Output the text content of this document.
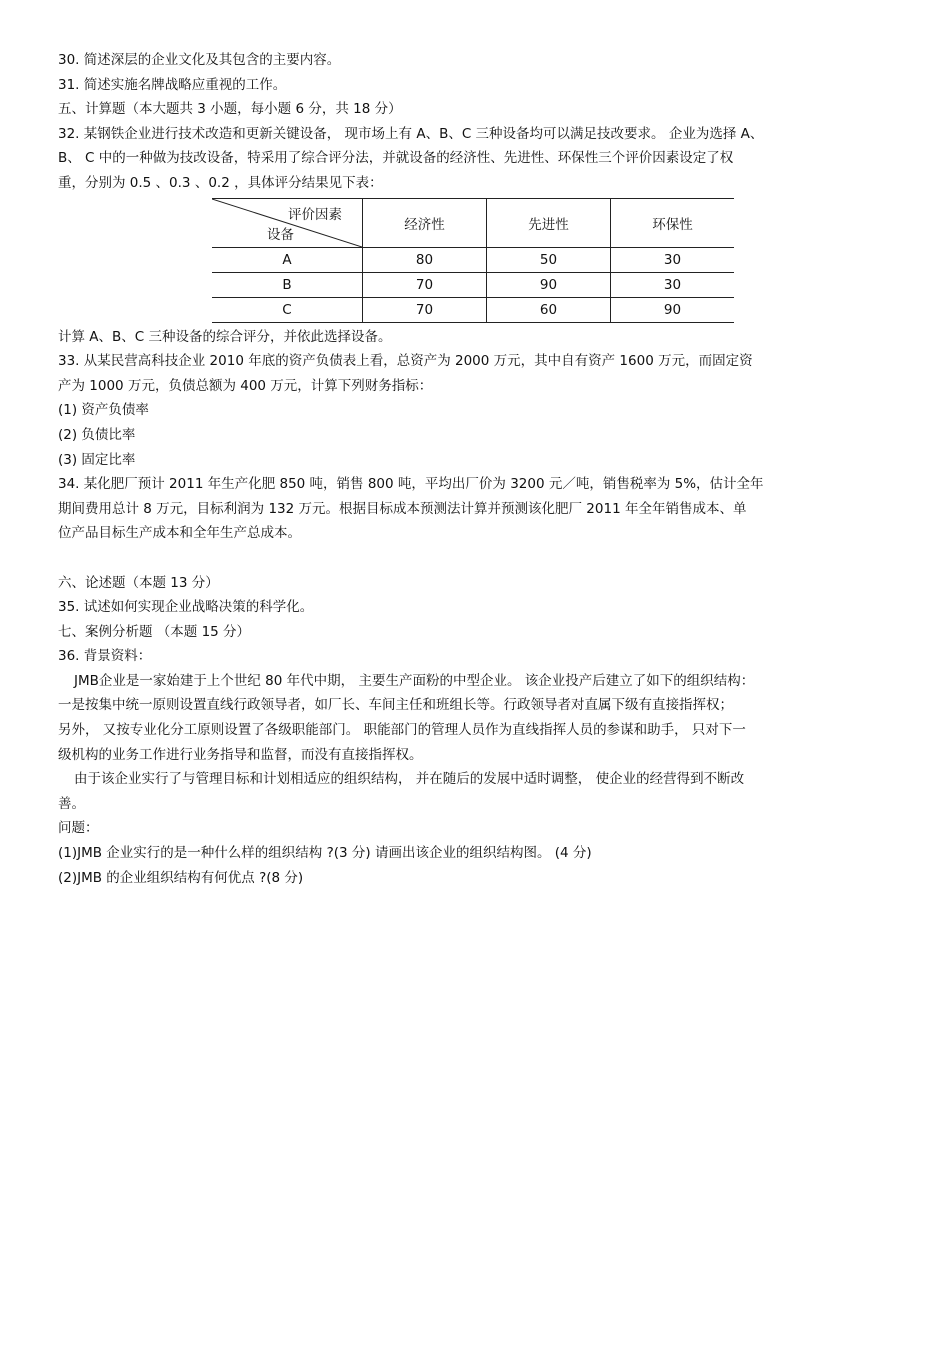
30. 简述深层的企业文化及其包含的主要内容。
31. 简述实施名牌战略应重视的工作。
五、计算题（本大题共 3 小题，每小题 6 分，共 18 分）
32. 某钢铁企业进行技术改造和更新关键设备， 现市场上有 A、B、C 三种设备均可以满足技改要求。 企业为选择 A、
B、 C 中的一种做为技改设备，特采用了综合评分法，并就设备的经济性、先进性、环保性三个评价因素设定了权
重，分别为 0.5 、0.3 、0.2 ，具体评分结果见下表：
评价因素
设备	经济性	先进性	环保性
A	80	50	30
B	70	90	30
C	70	60	90
计算 A、B、C 三种设备的综合评分，并依此选择设备。
33. 从某民营高科技企业 2010 年底的资产负债表上看，总资产为 2000 万元，其中自有资产 1600 万元，而固定资
产为 1000 万元，负债总额为 400 万元，计算下列财务指标：
(1) 资产负债率
(2) 负债比率
(3) 固定比率
34. 某化肥厂预计 2011 年生产化肥 850 吨，销售 800 吨，平均出厂价为 3200 元／吨，销售税率为 5%，估计全年
期间费用总计 8 万元，目标利润为 132 万元。根据目标成本预测法计算并预测该化肥厂 2011 年全年销售成本、单
位产品目标生产成本和全年生产总成本。
六、论述题（本题 13 分）
35. 试述如何实现企业战略决策的科学化。
七、案例分析题 （本题 15 分）
36. 背景资料：
JMB企业是一家始建于上个世纪 80 年代中期， 主要生产面粉的中型企业。 该企业投产后建立了如下的组织结构：
一是按集中统一原则设置直线行政领导者，如厂长、车间主任和班组长等。行政领导者对直属下级有直接指挥权；
另外， 又按专业化分工原则设置了各级职能部门。 职能部门的管理人员作为直线指挥人员的参谋和助手， 只对下一
级机构的业务工作进行业务指导和监督，而没有直接指挥权。
由于该企业实行了与管理目标和计划相适应的组织结构， 并在随后的发展中适时调整， 使企业的经营得到不断改
善。
问题：
(1)JMB 企业实行的是一种什么样的组织结构 ?(3 分) 请画出该企业的组织结构图。 (4 分)
(2)JMB 的企业组织结构有何优点 ?(8 分)
